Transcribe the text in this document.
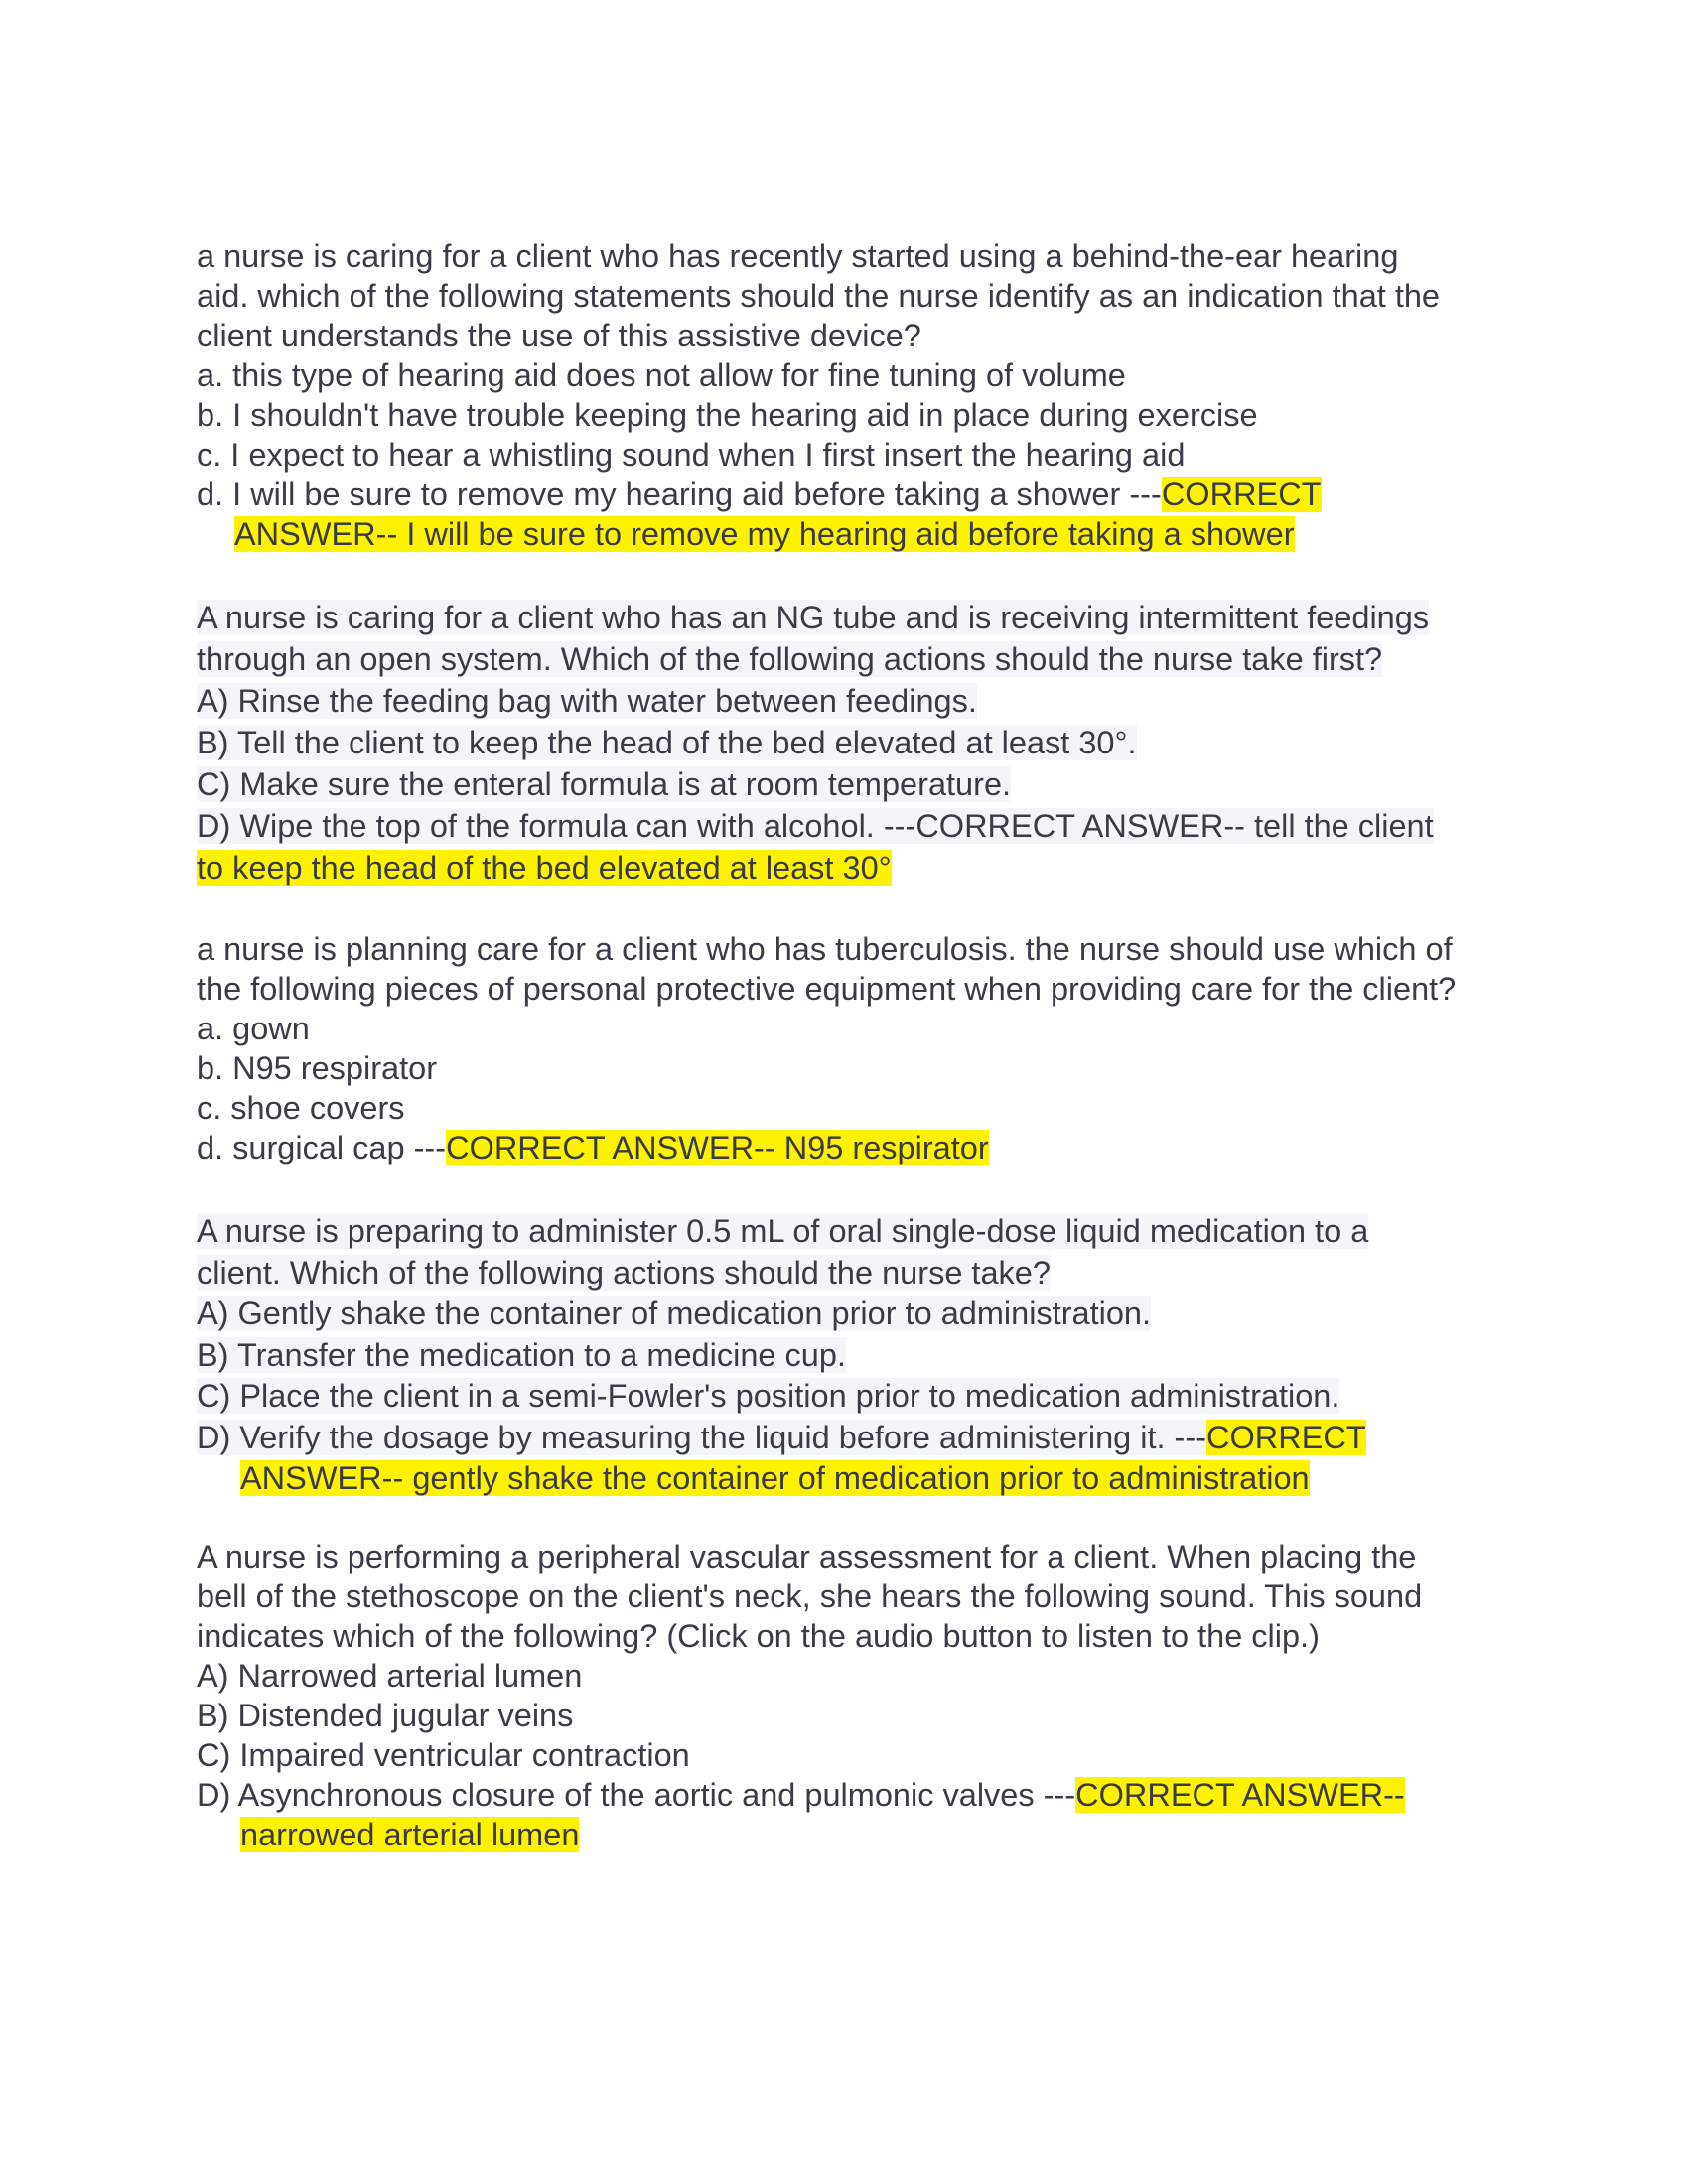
a nurse is caring for a client who has recently started using a behind-the-ear hearing
aid. which of the following statements should the nurse identify as an indication that the
client understands the use of this assistive device?
a. this type of hearing aid does not allow for fine tuning of volume
b. I shouldn't have trouble keeping the hearing aid in place during exercise
c. I expect to hear a whistling sound when I first insert the hearing aid
d. I will be sure to remove my hearing aid before taking a shower ---CORRECT
ANSWER-- I will be sure to remove my hearing aid before taking a shower
A nurse is caring for a client who has an NG tube and is receiving intermittent feedings
through an open system. Which of the following actions should the nurse take first?
A) Rinse the feeding bag with water between feedings.
B) Tell the client to keep the head of the bed elevated at least 30°.
C) Make sure the enteral formula is at room temperature.
D) Wipe the top of the formula can with alcohol. ---CORRECT ANSWER-- tell the client
to keep the head of the bed elevated at least 30°
a nurse is planning care for a client who has tuberculosis. the nurse should use which of
the following pieces of personal protective equipment when providing care for the client?
a. gown
b. N95 respirator
c. shoe covers
d. surgical cap ---CORRECT ANSWER-- N95 respirator
A nurse is preparing to administer 0.5 mL of oral single-dose liquid medication to a
client. Which of the following actions should the nurse take?
A) Gently shake the container of medication prior to administration.
B) Transfer the medication to a medicine cup.
C) Place the client in a semi-Fowler's position prior to medication administration.
D) Verify the dosage by measuring the liquid before administering it. ---CORRECT
ANSWER-- gently shake the container of medication prior to administration
A nurse is performing a peripheral vascular assessment for a client. When placing the
bell of the stethoscope on the client's neck, she hears the following sound. This sound
indicates which of the following? (Click on the audio button to listen to the clip.)
A) Narrowed arterial lumen
B) Distended jugular veins
C) Impaired ventricular contraction
D) Asynchronous closure of the aortic and pulmonic valves ---CORRECT ANSWER--
narrowed arterial lumen
